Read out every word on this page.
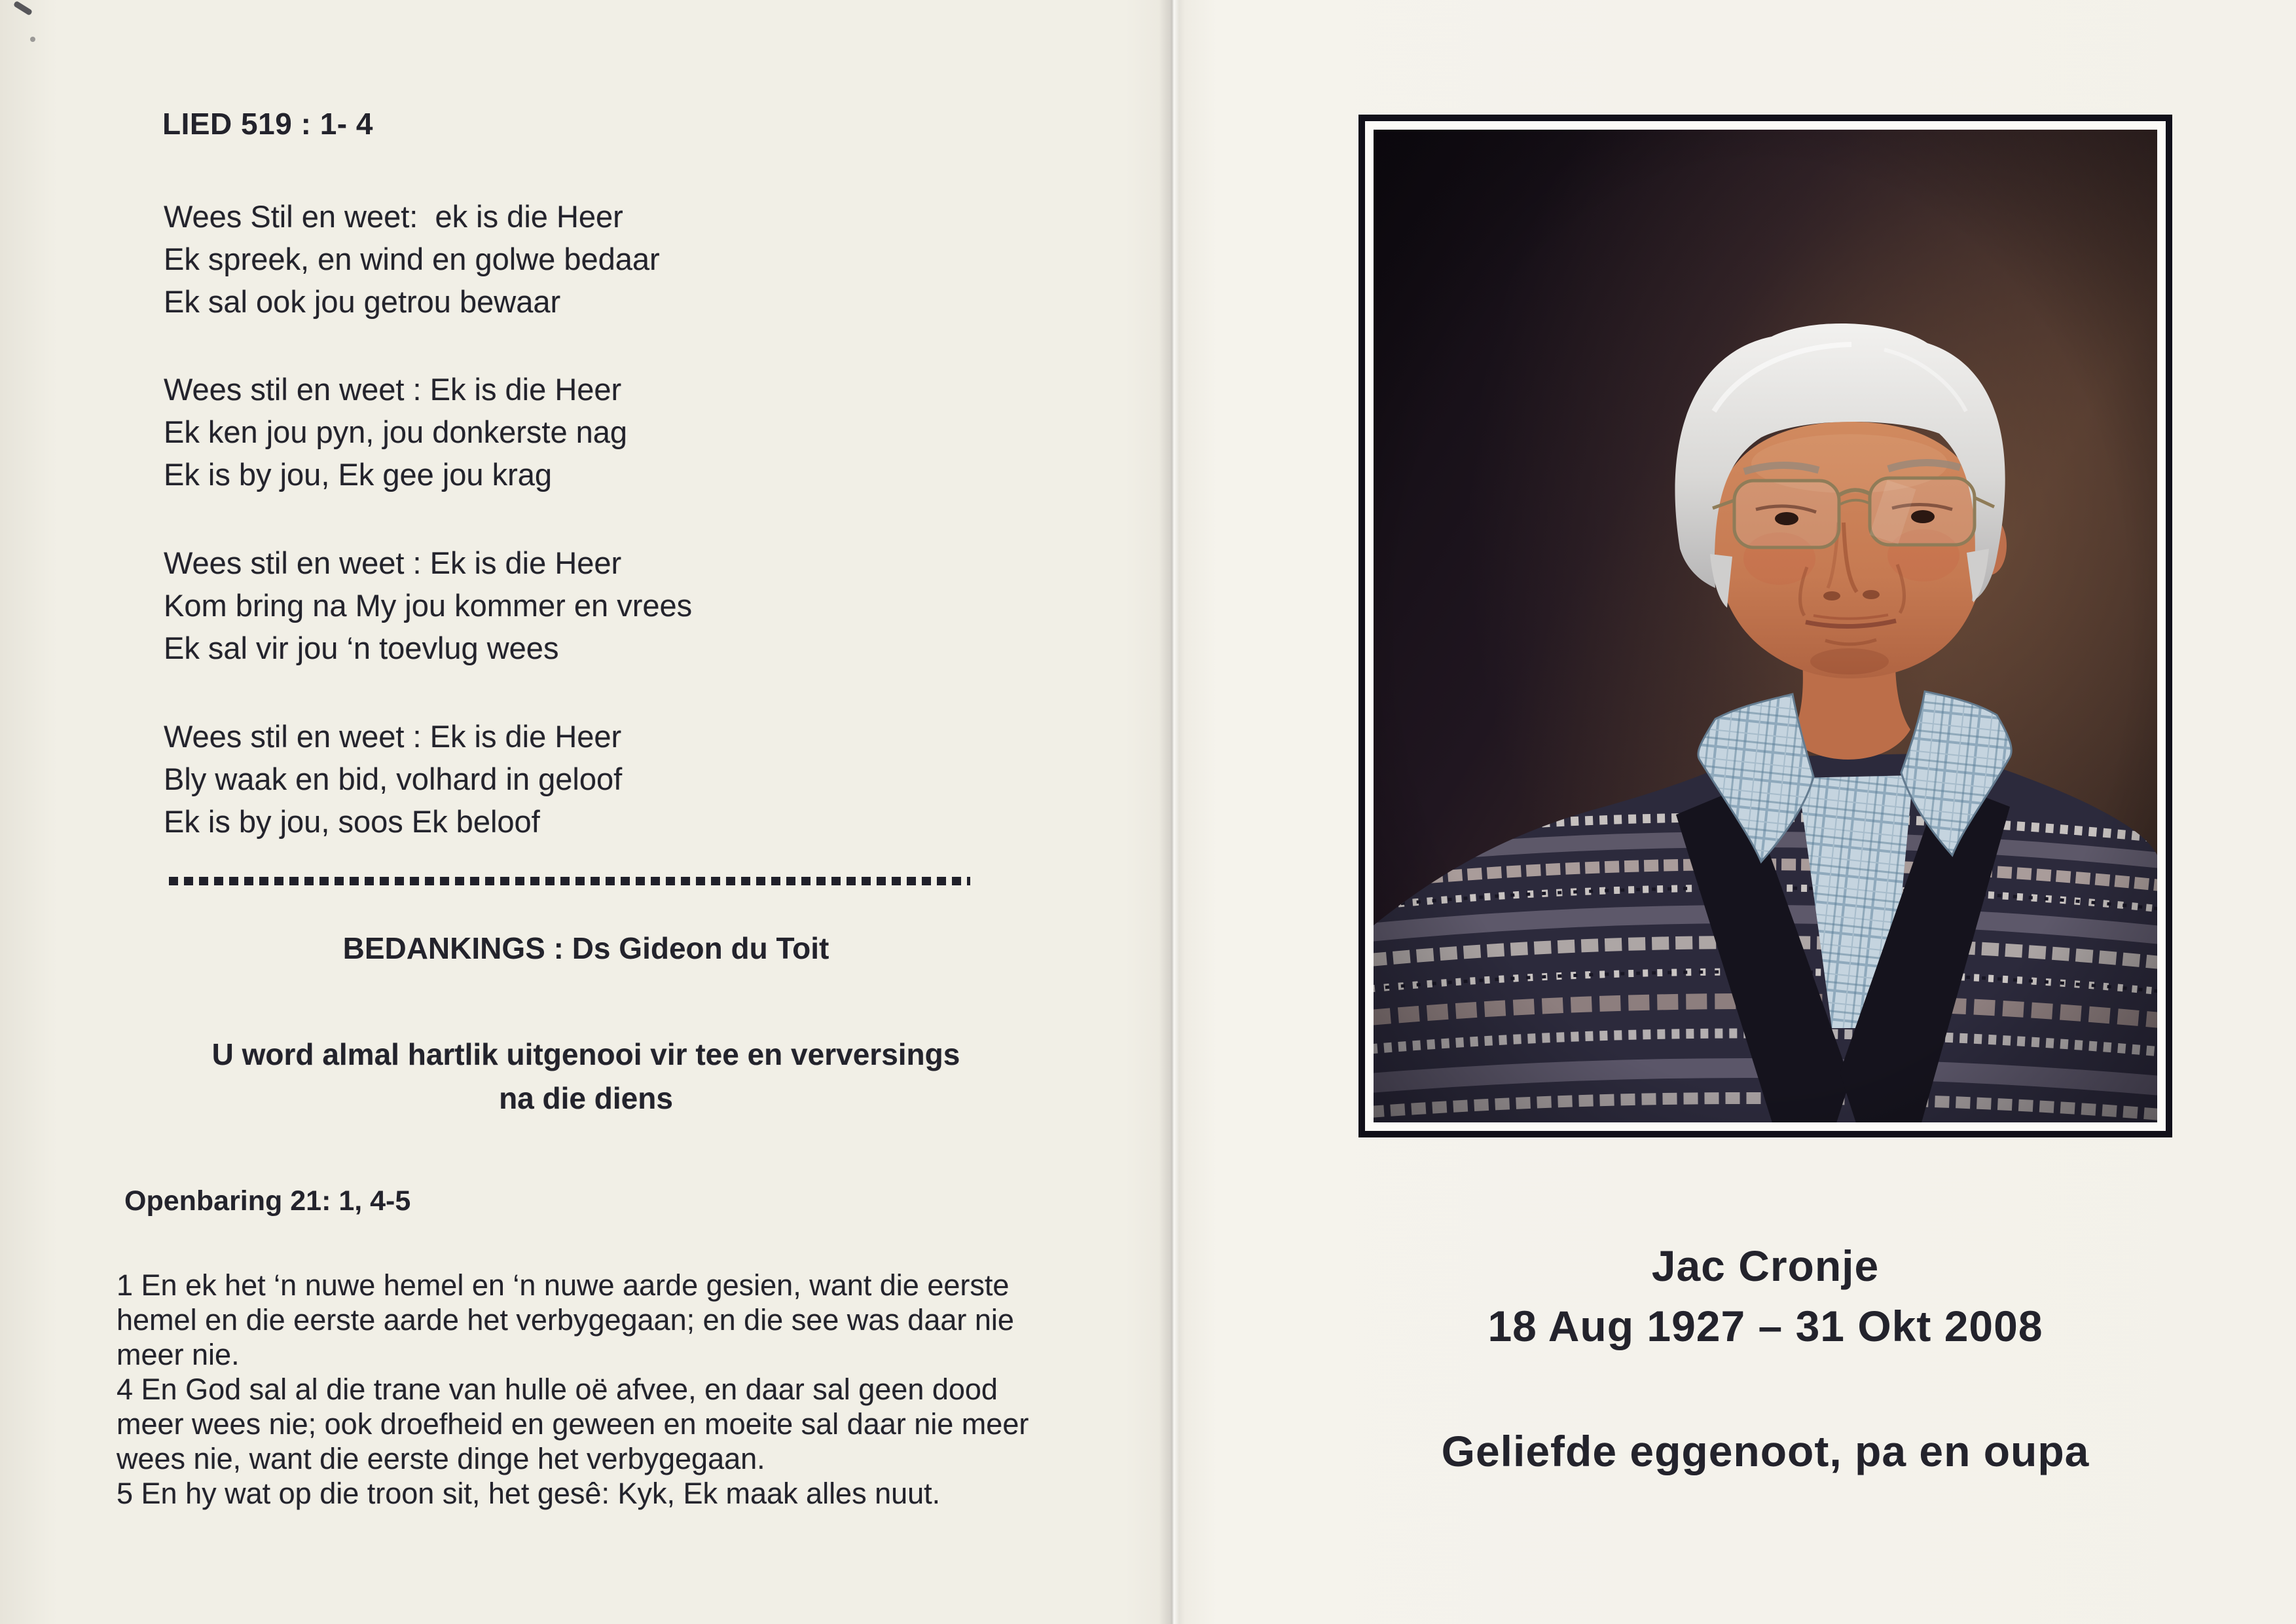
LIED 519 : 1- 4
Wees Stil en weet:  ek is die Heer
Ek spreek, en wind en golwe bedaar
Ek sal ook jou getrou bewaar
Wees stil en weet : Ek is die Heer
Ek ken jou pyn, jou donkerste nag
Ek is by jou, Ek gee jou krag
Wees stil en weet : Ek is die Heer
Kom bring na My jou kommer en vrees
Ek sal vir jou ‘n toevlug wees
Wees stil en weet : Ek is die Heer
Bly waak en bid, volhard in geloof
Ek is by jou, soos Ek beloof
BEDANKINGS : Ds Gideon du Toit
U word almal hartlik uitgenooi vir tee en verversings
na die diens
Openbaring 21: 1, 4-5
1 En ek het ‘n nuwe hemel en ‘n nuwe aarde gesien, want die eerste
hemel en die eerste aarde het verbygegaan; en die see was daar nie
meer nie.
4 En God sal al die trane van hulle oë afvee, en daar sal geen dood
meer wees nie; ook droefheid en geween en moeite sal daar nie meer
wees nie, want die eerste dinge het verbygegaan.
5 En hy wat op die troon sit, het gesê: Kyk, Ek maak alles nuut.
Jac Cronje
18 Aug 1927 – 31 Okt 2008
Geliefde eggenoot, pa en oupa
